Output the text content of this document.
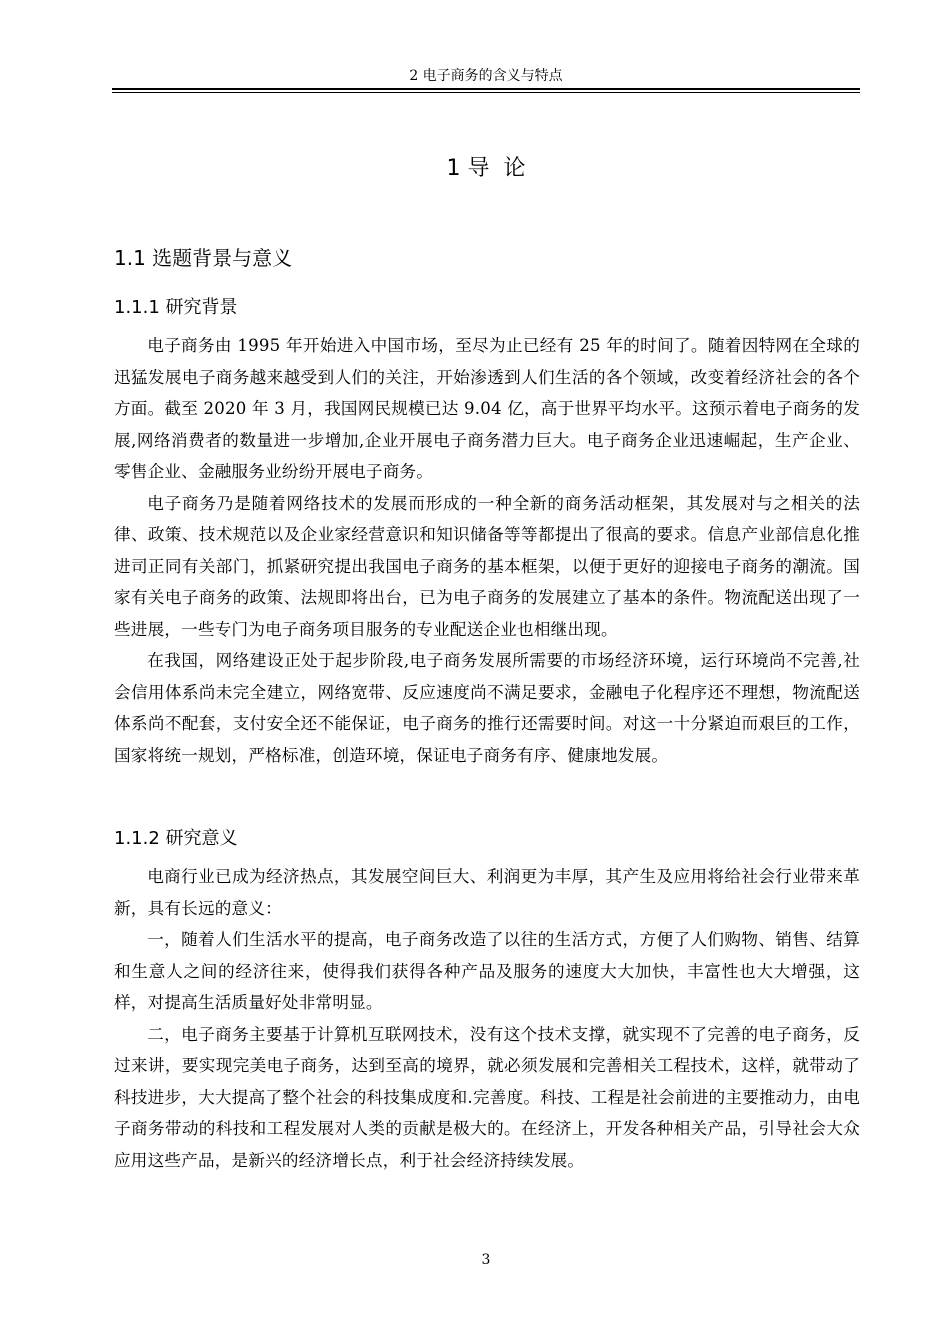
2 电子商务的含义与特点
1 导  论
1.1 选题背景与意义
1.1.1 研究背景

电子商务由 1995 年开始进入中国市场，至尽为止已经有 25 年的时间了。随着因特网在全球的迅猛发展电子商务越来越受到人们的关注，开始渗透到人们生活的各个领域，改变着经济社会的各个方面。截至 2020 年 3 月，我国网民规模已达 9.04 亿，高于世界平均水平。这预示着电子商务的发展,网络消费者的数量进一步增加,企业开展电子商务潜力巨大。电子商务企业迅速崛起，生产企业、零售企业、金融服务业纷纷开展电子商务。

电子商务乃是随着网络技术的发展而形成的一种全新的商务活动框架，其发展对与之相关的法律、政策、技术规范以及企业家经营意识和知识储备等等都提出了很高的要求。信息产业部信息化推进司正同有关部门，抓紧研究提出我国电子商务的基本框架，以便于更好的迎接电子商务的潮流。国家有关电子商务的政策、法规即将出台，已为电子商务的发展建立了基本的条件。物流配送出现了一些进展，一些专门为电子商务项目服务的专业配送企业也相继出现。

在我国，网络建设正处于起步阶段,电子商务发展所需要的市场经济环境，运行环境尚不完善,社会信用体系尚未完全建立，网络宽带、反应速度尚不满足要求，金融电子化程序还不理想，物流配送体系尚不配套，支付安全还不能保证，电子商务的推行还需要时间。对这一十分紧迫而艰巨的工作，国家将统一规划，严格标准，创造环境，保证电子商务有序、健康地发展。

1.1.2 研究意义

电商行业已成为经济热点，其发展空间巨大、利润更为丰厚，其产生及应用将给社会行业带来革新，具有长远的意义：

一，随着人们生活水平的提高，电子商务改造了以往的生活方式，方便了人们购物、销售、结算和生意人之间的经济往来，使得我们获得各种产品及服务的速度大大加快，丰富性也大大增强，这样，对提高生活质量好处非常明显。

二，电子商务主要基于计算机互联网技术，没有这个技术支撑，就实现不了完善的电子商务，反过来讲，要实现完美电子商务，达到至高的境界，就必须发展和完善相关工程技术，这样，就带动了科技进步，大大提高了整个社会的科技集成度和.完善度。科技、工程是社会前进的主要推动力，由电子商务带动的科技和工程发展对人类的贡献是极大的。在经济上，开发各种相关产品，引导社会大众应用这些产品，是新兴的经济增长点，利于社会经济持续发展。

3
